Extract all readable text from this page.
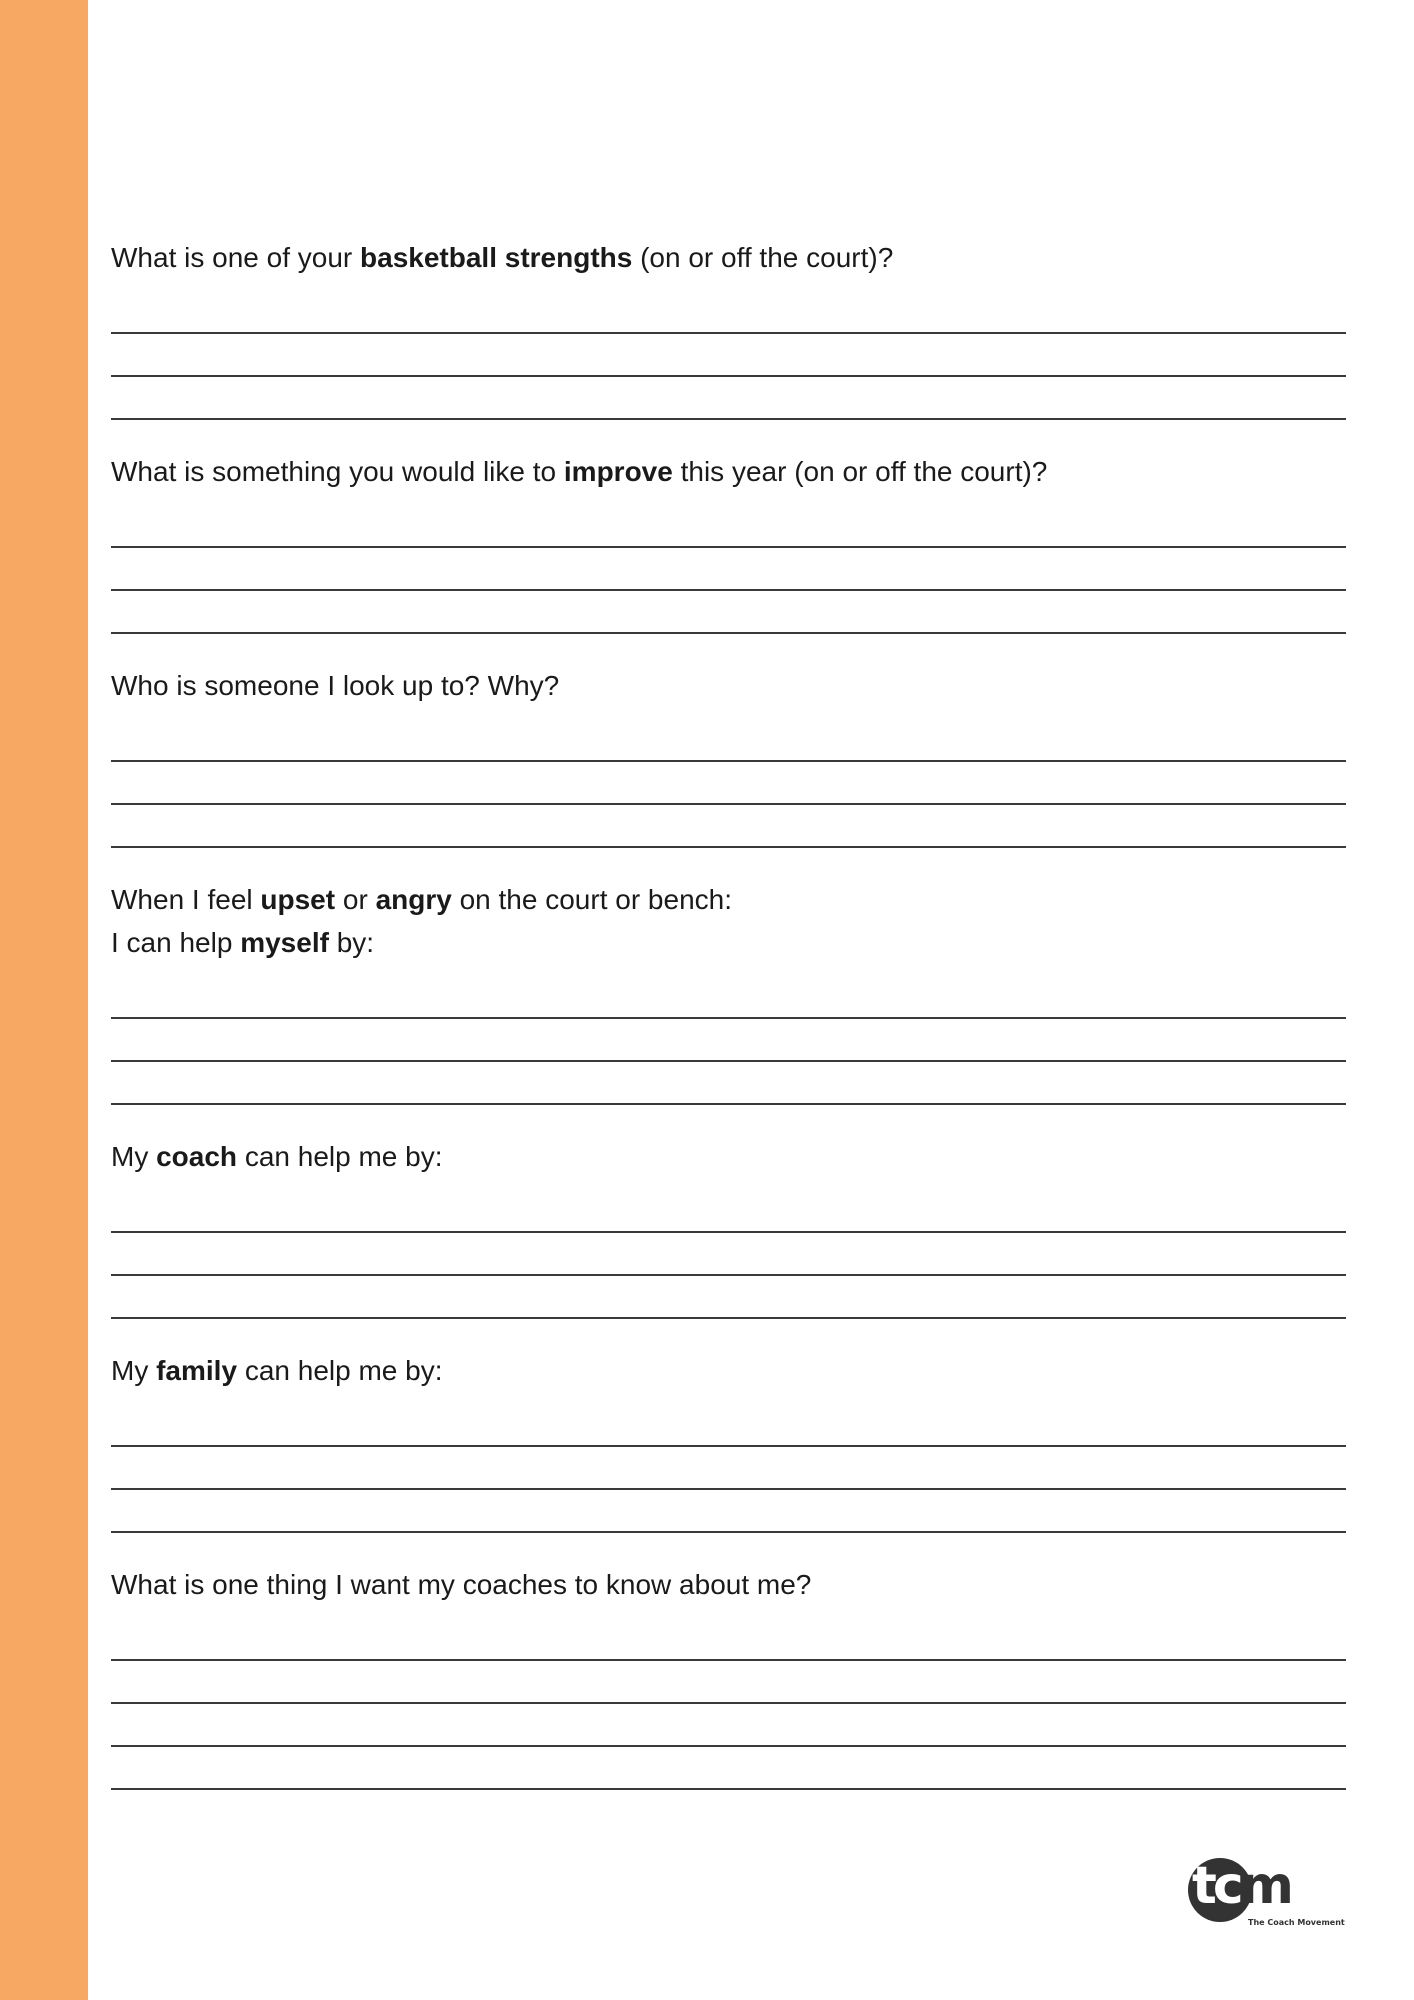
What is one of your basketball strengths (on or off the court)?

What is something you would like to improve this year (on or off the court)?

Who is someone I look up to? Why?

When I feel upset or angry on the court or bench:

I can help myself by:

My coach can help me by:

My family can help me by:

What is one thing I want my coaches to know about me?

tcm
The Coach Movement
